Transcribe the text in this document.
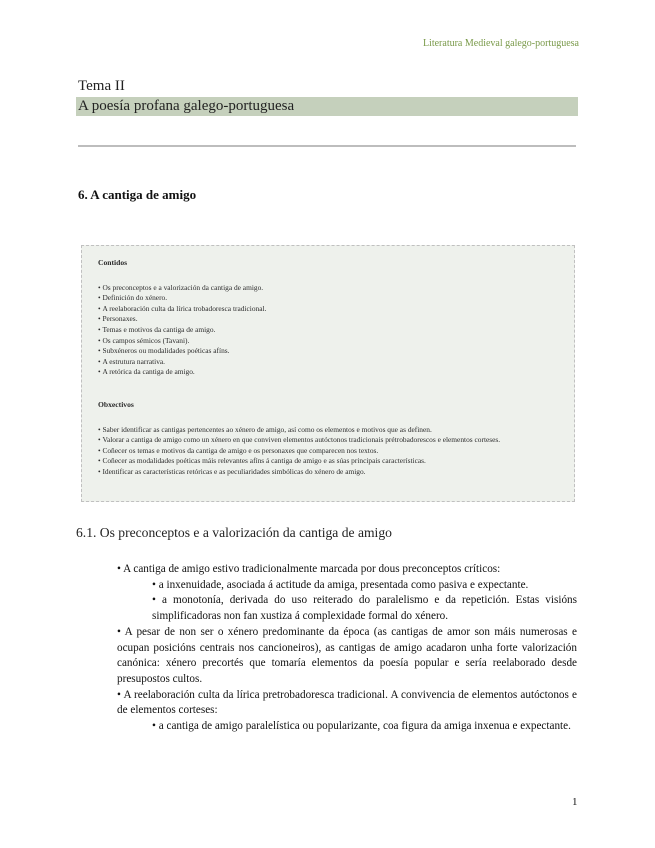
Literatura Medieval galego-portuguesa
Tema II
A poesía profana galego-portuguesa
6. A cantiga de amigo
Contidos
• Os preconceptos e a valorización da cantiga de amigo.
• Definición do xénero.
• A reelaboración culta da lírica trobadoresca tradicional.
• Personaxes.
• Temas e motivos da cantiga de amigo.
• Os campos sémicos (Tavani).
• Subxéneros ou modalidades poéticas afíns.
• A estrutura narrativa.
• A retórica da cantiga de amigo.
Obxectivos
• Saber identificar as cantigas pertencentes ao xénero de amigo, así como os elementos e motivos que as definen.
• Valorar a cantiga de amigo como un xénero en que conviven elementos autóctonos tradicionais prétrobadorescos e elementos corteses.
• Coñecer os temas e motivos da cantiga de amigo e os personaxes que comparecen nos textos.
• Coñecer as modalidades poéticas máis relevantes afíns á cantiga de amigo e as súas principais características.
• Identificar as características retóricas e as peculiaridades simbólicas do xénero de amigo.
6.1. Os preconceptos e a valorización da cantiga de amigo

• A cantiga de amigo estivo tradicionalmente marcada por dous preconceptos críticos:

• a inxenuidade, asociada á actitude da amiga, presentada como pasiva e expectante.

• a monotonía, derivada do uso reiterado do paralelismo e da repetición. Estas visións simplificadoras non fan xustiza á complexidade formal do xénero.

• A pesar de non ser o xénero predominante da época (as cantigas de amor son máis numerosas e ocupan posicións centrais nos cancioneiros), as cantigas de amigo acadaron unha forte valorización canónica: xénero precortés que tomaría elementos da poesía popular e sería reelaborado desde presupostos cultos.

• A reelaboración culta da lírica pretrobadoresca tradicional. A convivencia de elementos autóctonos e de elementos corteses:

• a cantiga de amigo paralelística ou popularizante, coa figura da amiga inxenua e expectante.

1
